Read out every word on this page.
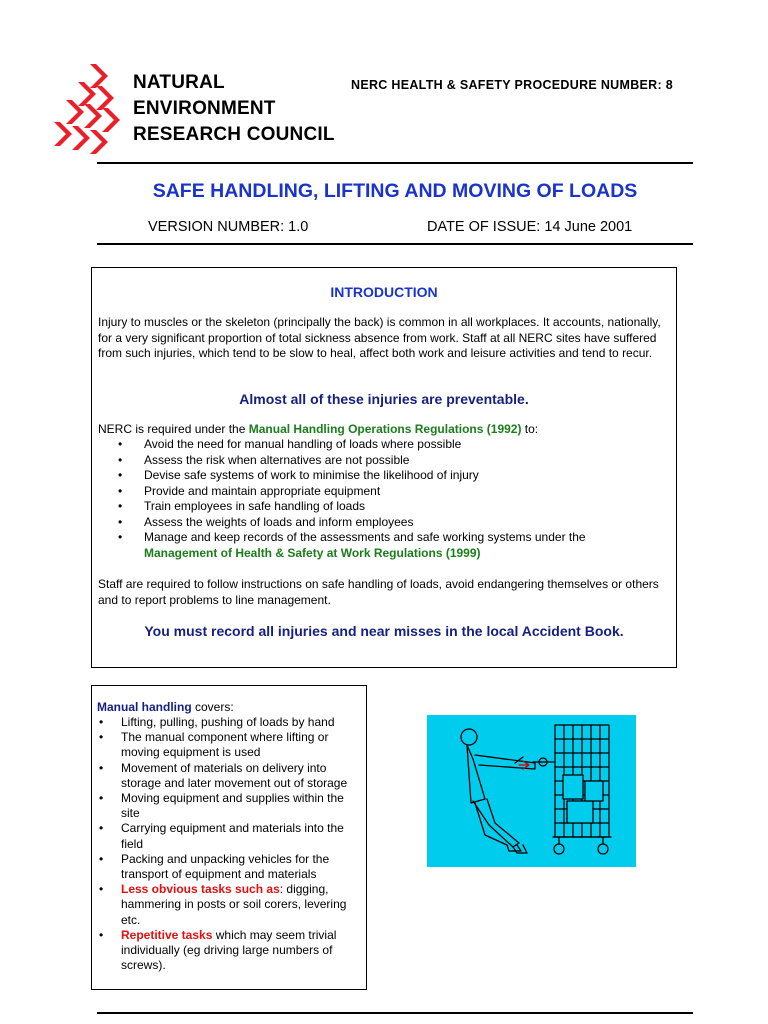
NATURAL
ENVIRONMENT
RESEARCH COUNCIL
NERC HEALTH & SAFETY PROCEDURE NUMBER: 8
SAFE HANDLING, LIFTING AND MOVING OF LOADS
VERSION NUMBER: 1.0	DATE OF ISSUE: 14 June 2001
INTRODUCTION
Injury to muscles or the skeleton (principally the back) is common in all workplaces. It accounts, nationally, for a very significant proportion of total sickness absence from work. Staff at all NERC sites have suffered from such injuries, which tend to be slow to heal, affect both work and leisure activities and tend to recur.
Almost all of these injuries are preventable.
NERC is required under the Manual Handling Operations Regulations (1992) to:
• Avoid the need for manual handling of loads where possible
• Assess the risk when alternatives are not possible
• Devise safe systems of work to minimise the likelihood of injury
• Provide and maintain appropriate equipment
• Train employees in safe handling of loads
• Assess the weights of loads and inform employees
• Manage and keep records of the assessments and safe working systems under the
Management of Health & Safety at Work Regulations (1999)
Staff are required to follow instructions on safe handling of loads, avoid endangering themselves or others and to report problems to line management.
You must record all injuries and near misses in the local Accident Book.
Manual handling covers:
• Lifting, pulling, pushing of loads by hand
• The manual component where lifting or moving equipment is used
• Movement of materials on delivery into storage and later movement out of storage
• Moving equipment and supplies within the site
• Carrying equipment and materials into the field
• Packing and unpacking vehicles for the transport of equipment and materials
• Less obvious tasks such as: digging, hammering in posts or soil corers, levering etc.
• Repetitive tasks which may seem trivial individually (eg driving large numbers of screws).
